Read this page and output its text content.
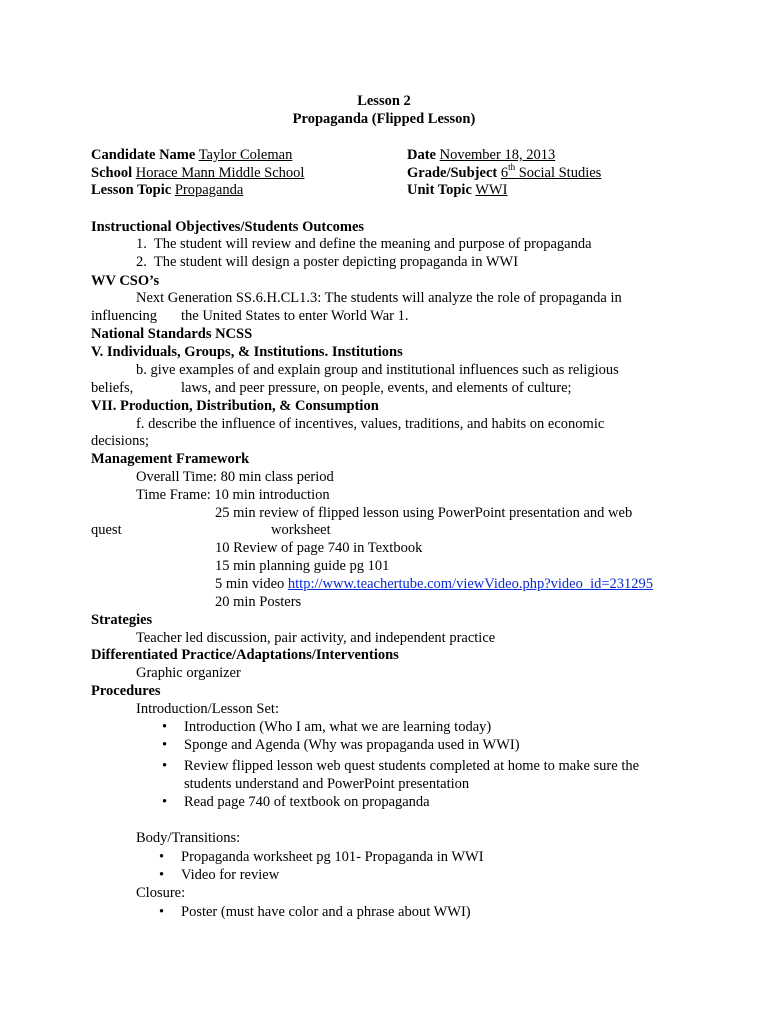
Lesson 2
Propaganda (Flipped Lesson)
Candidate Name Taylor Coleman	Date November 18, 2013
School Horace Mann Middle School	Grade/Subject 6th Social Studies
Lesson Topic Propaganda	Unit Topic WWI
Instructional Objectives/Students Outcomes
1. The student will review and define the meaning and purpose of propaganda
2. The student will design a poster depicting propaganda in WWI
WV CSO’s
Next Generation SS.6.H.CL1.3: The students will analyze the role of propaganda in
influencing the United States to enter World War 1.
National Standards NCSS
V. Individuals, Groups, & Institutions. Institutions
b. give examples of and explain group and institutional influences such as religious
beliefs,	laws, and peer pressure, on people, events, and elements of culture;
VII. Production, Distribution, & Consumption
f. describe the influence of incentives, values, traditions, and habits on economic
decisions;
Management Framework
Overall Time: 80 min class period
Time Frame: 10 min introduction
25 min review of flipped lesson using PowerPoint presentation and web
quest	worksheet
10 Review of page 740 in Textbook
15 min planning guide pg 101
5 min video http://www.teachertube.com/viewVideo.php?video_id=231295
20 min Posters
Strategies
Teacher led discussion, pair activity, and independent practice
Differentiated Practice/Adaptations/Interventions
Graphic organizer
Procedures
Introduction/Lesson Set:
• Introduction (Who I am, what we are learning today)
• Sponge and Agenda (Why was propaganda used in WWI)
• Review flipped lesson web quest students completed at home to make sure the
students understand and PowerPoint presentation
• Read page 740 of textbook on propaganda
Body/Transitions:
• Propaganda worksheet pg 101- Propaganda in WWI
• Video for review
Closure:
• Poster (must have color and a phrase about WWI)
